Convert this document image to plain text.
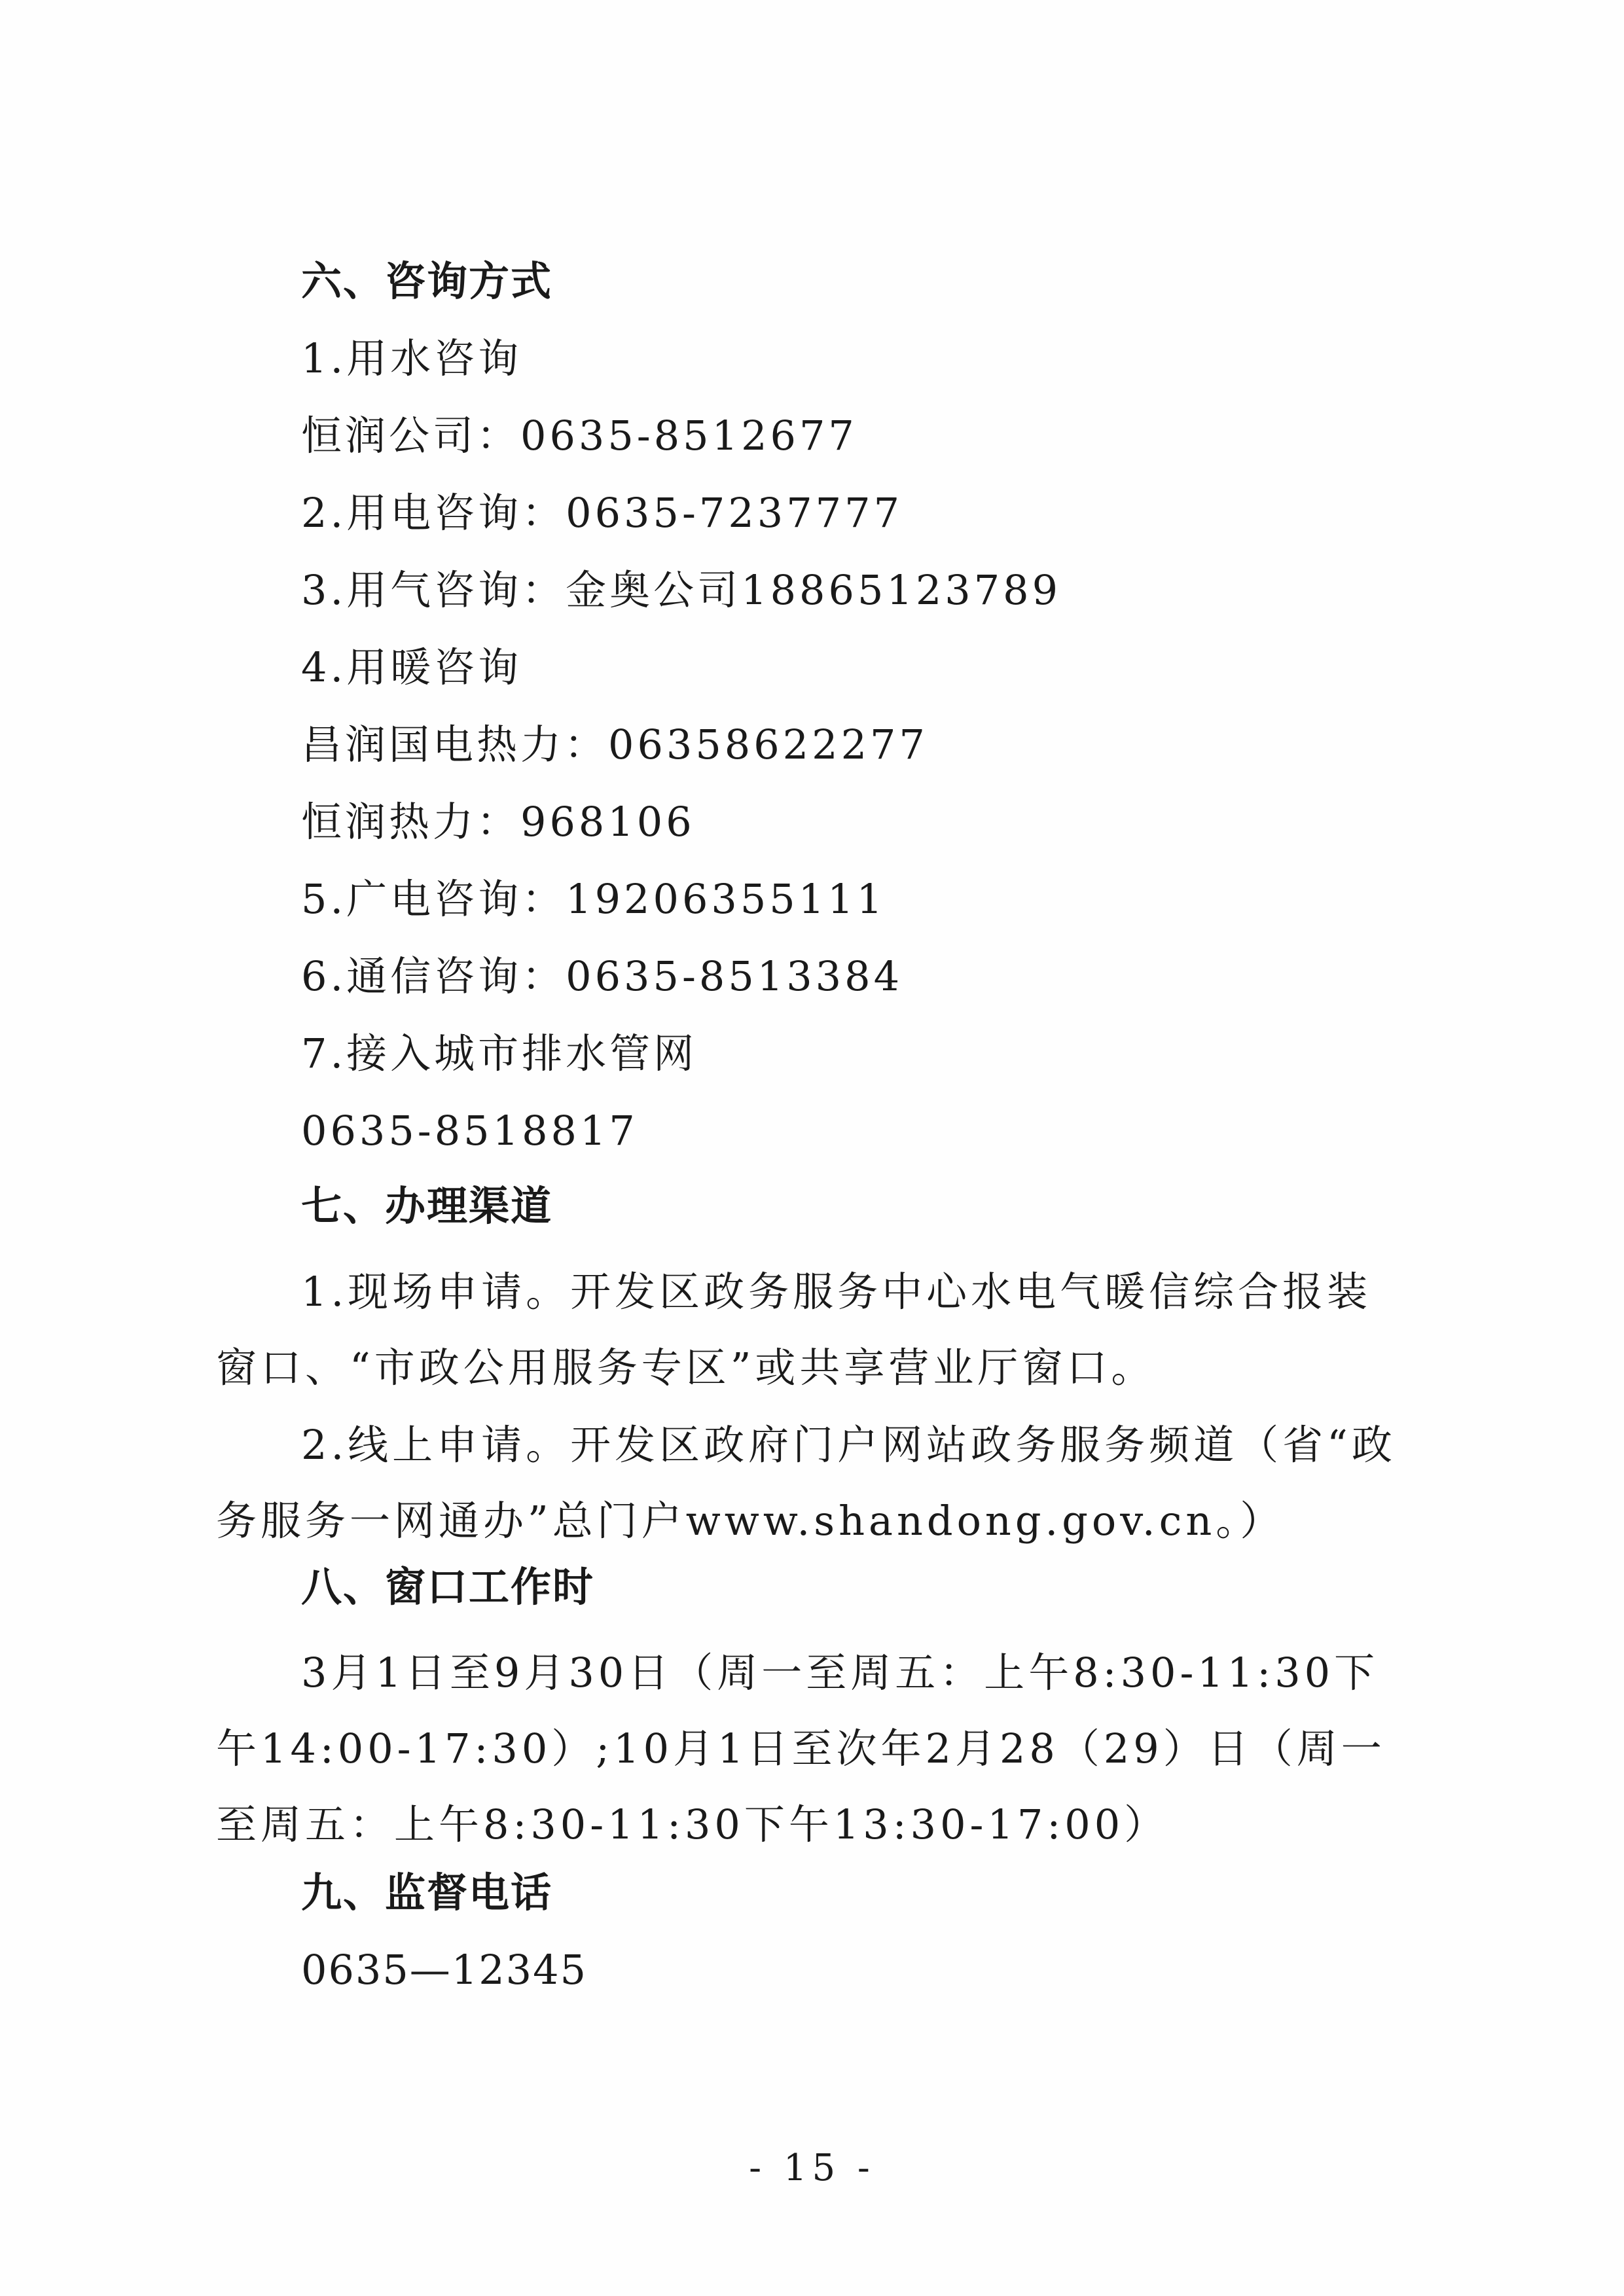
六、咨询方式
1.用水咨询
恒润公司：0635-8512677
2.用电咨询：0635-7237777
3.用气咨询：金奥公司18865123789
4.用暖咨询
昌润国电热力：06358622277
恒润热力：968106
5.广电咨询：19206355111
6.通信咨询：0635-8513384
7.接入城市排水管网
0635-8518817
七、办理渠道
1.现场申请。开发区政务服务中心水电气暖信综合报装窗口、“市政公用服务专区”或共享营业厅窗口。
2.线上申请。开发区政府门户网站政务服务频道（省“政务服务一网通办”总门户www.shandong.gov.cn。）
八、窗口工作时
3月1日至9月30日（周一至周五：上午8:30-11:30下午14:00-17:30）;10月1日至次年2月28（29）日（周一至周五：上午8:30-11:30下午13:30-17:00）
九、监督电话
0635—12345
- 15 -
